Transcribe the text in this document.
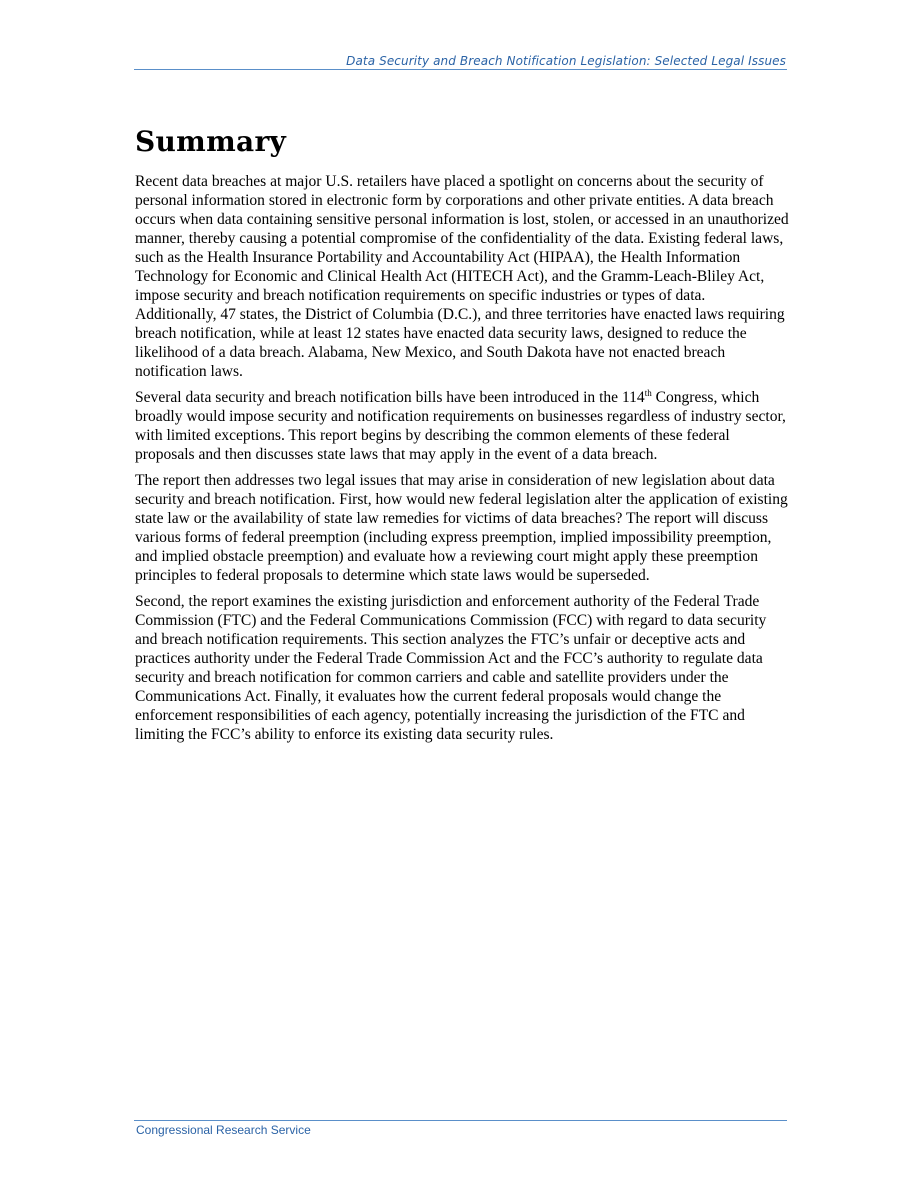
Data Security and Breach Notification Legislation: Selected Legal Issues
Summary

Recent data breaches at major U.S. retailers have placed a spotlight on concerns about the security of personal information stored in electronic form by corporations and other private entities. A data breach occurs when data containing sensitive personal information is lost, stolen, or accessed in an unauthorized manner, thereby causing a potential compromise of the confidentiality of the data. Existing federal laws, such as the Health Insurance Portability and Accountability Act (HIPAA), the Health Information Technology for Economic and Clinical Health Act (HITECH Act), and the Gramm-Leach-Bliley Act, impose security and breach notification requirements on specific industries or types of data. Additionally, 47 states, the District of Columbia (D.C.), and three territories have enacted laws requiring breach notification, while at least 12 states have enacted data security laws, designed to reduce the likelihood of a data breach. Alabama, New Mexico, and South Dakota have not enacted breach notification laws.

Several data security and breach notification bills have been introduced in the 114th Congress, which broadly would impose security and notification requirements on businesses regardless of industry sector, with limited exceptions. This report begins by describing the common elements of these federal proposals and then discusses state laws that may apply in the event of a data breach.

The report then addresses two legal issues that may arise in consideration of new legislation about data security and breach notification. First, how would new federal legislation alter the application of existing state law or the availability of state law remedies for victims of data breaches? The report will discuss various forms of federal preemption (including express preemption, implied impossibility preemption, and implied obstacle preemption) and evaluate how a reviewing court might apply these preemption principles to federal proposals to determine which state laws would be superseded.

Second, the report examines the existing jurisdiction and enforcement authority of the Federal Trade Commission (FTC) and the Federal Communications Commission (FCC) with regard to data security and breach notification requirements. This section analyzes the FTC’s unfair or deceptive acts and practices authority under the Federal Trade Commission Act and the FCC’s authority to regulate data security and breach notification for common carriers and cable and satellite providers under the Communications Act. Finally, it evaluates how the current federal proposals would change the enforcement responsibilities of each agency, potentially increasing the jurisdiction of the FTC and limiting the FCC’s ability to enforce its existing data security rules.

Congressional Research Service
